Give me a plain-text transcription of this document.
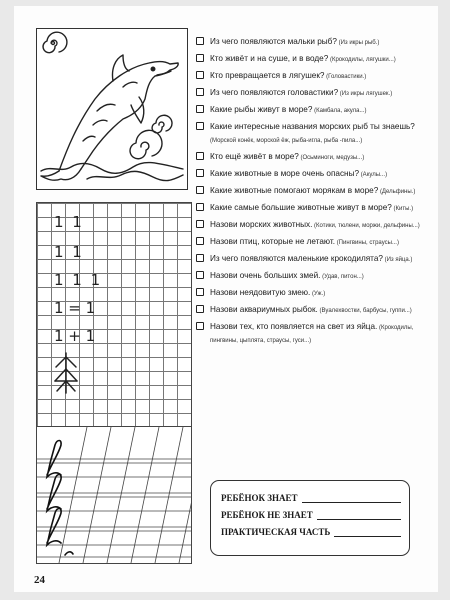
1 1
1 1
1 1 1
1 = 1
1 + 1
Из чего появляются мальки рыб? (Из икры рыб.)
Кто живёт и на суше, и в воде? (Крокодилы, лягушки...)
Кто превращается в лягушек? (Головастики.)
Из чего появляются головастики? (Из икры лягушек.)
Какие рыбы живут в море? (Камбала, акула...)
Какие интересные названия морских рыб ты знаешь?(Морской конёк, морской ёж, рыба-игла, рыба -пила...)
Кто ещё живёт в море? (Осьминоги, медузы...)
Какие животные в море очень опасны? (Акулы...)
Какие животные помогают морякам в море? (Дельфины.)
Какие самые большие животные живут в море? (Киты.)
Назови морских животных. (Котики, тюлени, моржи, дельфины...)
Назови птиц, которые не летают. (Пингвины, страусы...)
Из чего появляются маленькие крокодилята? (Из яйца.)
Назови очень больших змей. (Удав, питон...)
Назови неядовитую змею. (Уж.)
Назови аквариумных рыбок. (Вуалехвостки, барбусы, гуппи...)
Назови тех, кто появляется на свет из яйца. (Крокодилы, пингвины, цыплята, страусы, гуси...)
РЕБЁНОК ЗНАЕТ
РЕБЁНОК НЕ ЗНАЕТ
ПРАКТИЧЕСКАЯ ЧАСТЬ
24
